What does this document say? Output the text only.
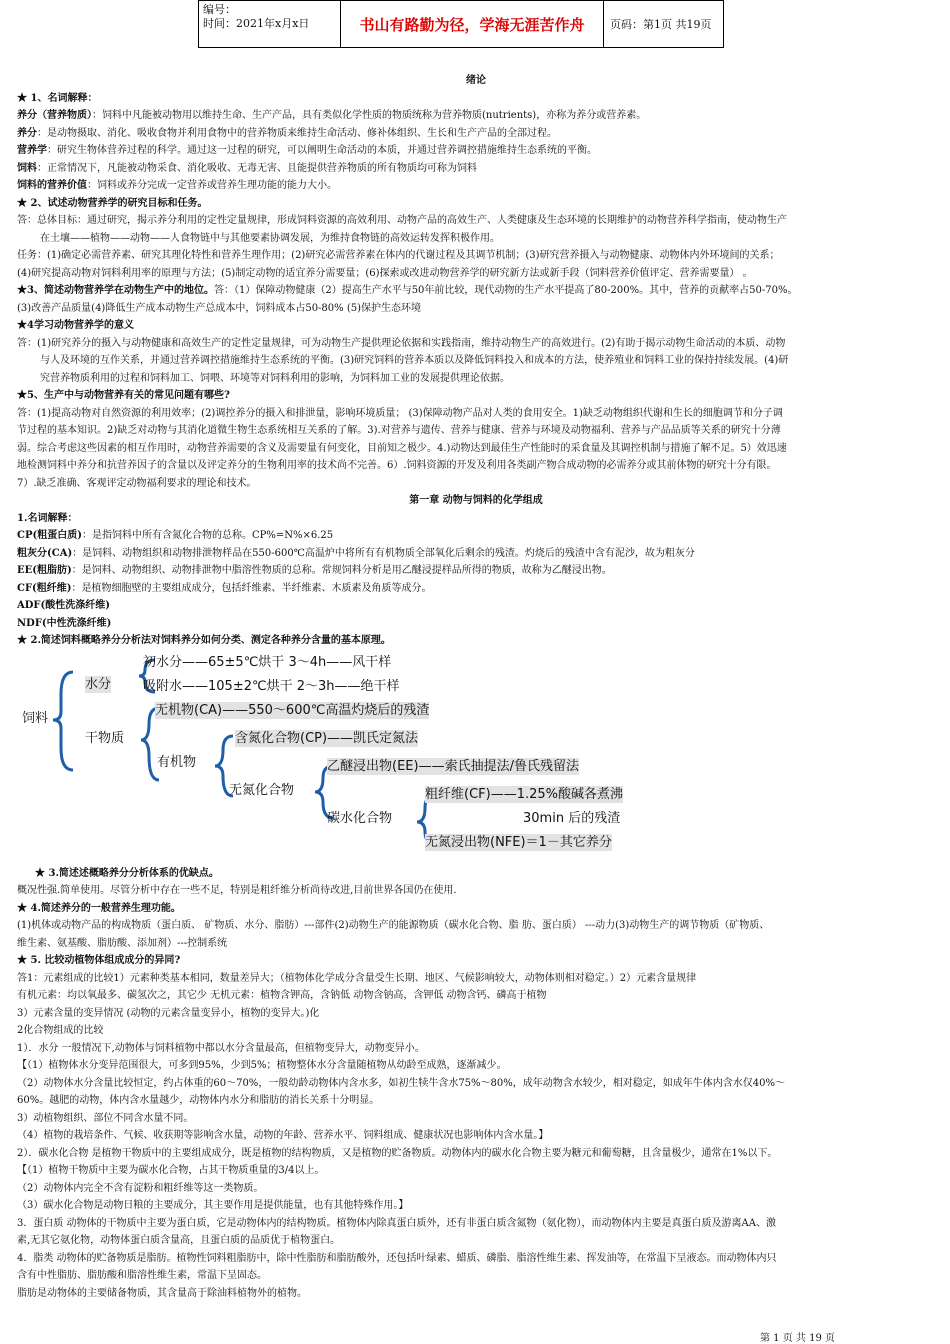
编号：
时间：2021年x月x日	书山有路勤为径，学海无涯苦作舟	页码：第1页 共19页

绪论

★ 1、名词解释：

养分（营养物质）：饲料中凡能被动物用以维持生命、生产产品，具有类似化学性质的物质统称为营养物质(nutrients)，亦称为养分或营养素。

养分：是动物摄取、消化、吸收食物并利用食物中的营养物质来维持生命活动、修补体组织、生长和生产产品的全部过程。

营养学：研究生物体营养过程的科学。通过这一过程的研究，可以阐明生命活动的本质，并通过营养调控措施维持生态系统的平衡。

饲料：正常情况下，凡能被动物采食、消化吸收、无毒无害、且能提供营养物质的所有物质均可称为饲料

饲料的营养价值：饲料或养分完成一定营养或营养生理功能的能力大小。

★ 2、试述动物营养学的研究目标和任务。

答：总体目标：通过研究，揭示养分利用的定性定量规律，形成饲料资源的高效利用、动物产品的高效生产、人类健康及生态环境的长期维护的动物营养科学指南，使动物生产

在土壤——植物——动物——人食物链中与其他要素协调发展，为维持食物链的高效运转发挥积极作用。

任务：(1)确定必需营养素、研究其理化特性和营养生理作用；(2)研究必需营养素在体内的代谢过程及其调节机制；(3)研究营养摄入与动物健康、动物体内外环境间的关系；

(4)研究提高动物对饲料利用率的原理与方法；(5)制定动物的适宜养分需要量；(6)探索或改进动物营养学的研究新方法或新手段（饲料营养价值评定、营养需要量） 。

★3、简述动物营养学在动物生产中的地位。答：（1）保障动物健康（2）提高生产水平与50年前比较，现代动物的生产水平提高了80-200%。其中，营养的贡献率占50-70%。

(3)改善产品质量(4)降低生产成本动物生产总成本中，饲料成本占50-80% (5)保护生态环境

★4学习动物营养学的意义

答：(1)研究养分的摄入与动物健康和高效生产的定性定量规律，可为动物生产提供理论依据和实践指南，维持动物生产的高效进行。(2)有助于揭示动物生命活动的本质、动物

与人及环境的互作关系，并通过营养调控措施维持生态系统的平衡。(3)研究饲料的营养本质以及降低饲料投入和成本的方法，使养殖业和饲料工业的保持持续发展。(4)研

究营养物质利用的过程和饲料加工、饲喂、环境等对饲料利用的影响，为饲料加工业的发展提供理论依据。

★5、生产中与动物营养有关的常见问题有哪些?

答：(1)提高动物对自然资源的利用效率；(2)调控养分的摄入和排泄量，影响环境质量； (3)保障动物产品对人类的食用安全。1)缺乏动物组织代谢和生长的细胞调节和分子调

节过程的基本知识。2)缺乏对动物与其消化道微生物生态系统相互关系的了解。3).对营养与遗传、营养与健康、营养与环境及动物福利、营养与产品品质等关系的研究十分薄

弱。综合考虑这些因素的相互作用时，动物营养需要的含义及需要量有何变化，目前知之极少。4.)动物达到最佳生产性能时的采食量及其调控机制与措施了解不足。5）效迅速

地检测饲料中养分和抗营养因子的含量以及评定养分的生物利用率的技术尚不完善。6）.饲料资源的开发及利用各类副产物合成动物的必需养分或其前体物的研究十分有限。

7）.缺乏准确、客观评定动物福利要求的理论和技术。

第一章 动物与饲料的化学组成

1.名词解释：

CP(粗蛋白质)：是指饲料中所有含氮化合物的总称。CP%=N%×6.25

粗灰分(CA)：是饲料、动物组织和动物排泄物样品在550-600℃高温炉中将所有有机物质全部氧化后剩余的残渣。灼烧后的残渣中含有泥沙，故为粗灰分

EE(粗脂肪)：是饲料、动物组织、动物排泄物中脂溶性物质的总称。常规饲料分析是用乙醚浸提样品所得的物质，故称为乙醚浸出物。

CF(粗纤维)：是植物细胞壁的主要组成成分，包括纤维素、半纤维素、木质素及角质等成分。

ADF(酸性洗涤纤维)

NDF(中性洗涤纤维)

★ 2.简述饲料概略养分分析法对饲料养分如何分类、测定各种养分含量的基本原理。

饲料
水分
初水分——65±5℃烘干 3～4h——风干样
吸附水——105±2℃烘干 2～3h——绝干样
干物质
无机物(CA)——550～600℃高温灼烧后的残渣
有机物
含氮化合物(CP)——凯氏定氮法
无氮化合物
乙醚浸出物(EE)——索氏抽提法/鲁氏残留法
碳水化合物
粗纤维(CF)——1.25%酸碱各煮沸
30min 后的残渣
无氮浸出物(NFE)＝1－其它养分

★ 3.简述述概略养分分析体系的优缺点。

概况性强.简单使用。尽管分析中存在一些不足，特别是粗纤维分析尚待改进,目前世界各国仍在使用.

★ 4.简述养分的一般营养生理功能。

(1)机体或动物产品的构成物质（蛋白质、 矿物质、水分、脂肪）---部件(2)动物生产的能源物质（碳水化合物、脂 肪、蛋白质） ---动力(3)动物生产的调节物质（矿物质、

维生素、氨基酸、脂肪酸、添加剂）---控制系统

★ 5. 比较动植物体组成成分的异同?

答1：元素组成的比较1）元素种类基本相同，数量差异大；（植物体化学成分含量受生长期、地区、气候影响较大，动物体则相对稳定。）2）元素含量规律

有机元素：均以氧最多、碳氢次之，其它少 无机元素：植物含钾高，含钠低 动物含钠高，含钾低 动物含钙、磷高于植物

3）元素含量的变异情况 (动物的元素含量变异小，植物的变异大。)化

2化合物组成的比较

1）．水分 一般情况下,动物体与饲料植物中都以水分含量最高，但植物变异大，动物变异小。

【（1）植物体水分变异范围很大，可多到95%，少到5%；植物整体水分含量随植物从幼龄至成熟，逐渐减少。

（2）动物体水分含量比较恒定，约占体重的60～70%，一般幼龄动物体内含水多，如初生犊牛含水75%～80%，成年动物含水较少，相对稳定，如成年牛体内含水仅40%～

60%。越肥的动物，体内含水量越少，动物体内水分和脂肪的消长关系十分明显。

3）动植物组织、部位不同含水量不同。

（4）植物的栽培条件、气候、收获期等影响含水量，动物的年龄、营养水平、饲料组成、健康状况也影响体内含水量。】

2）．碳水化合物 是植物干物质中的主要组成成分，既是植物的结构物质，又是植物的贮备物质。动物体内的碳水化合物主要为糖元和葡萄糖，且含量极少，通常在1%以下。

【（1）植物干物质中主要为碳水化合物，占其干物质重量的3/4以上。

（2）动物体内完全不含有淀粉和粗纤维等这一类物质。

（3）碳水化合物是动物日粮的主要成分，其主要作用是提供能量，也有其他特殊作用。】

3．蛋白质 动物体的干物质中主要为蛋白质，它是动物体内的结构物质。植物体内除真蛋白质外，还有非蛋白质含氮物（氨化物），而动物体内主要是真蛋白质及游离AA、激

素,无其它氨化物，动物体蛋白质含量高，且蛋白质的品质优于植物蛋白。

4．脂类 动物体的贮备物质是脂肪。植物性饲料粗脂肪中，除中性脂肪和脂肪酸外，还包括叶绿素、蜡质、磷脂、脂溶性维生素、挥发油等，在常温下呈液态。而动物体内只

含有中性脂肪、脂肪酸和脂溶性维生素，常温下呈固态。

脂肪是动物体的主要储备物质，其含量高于除油料植物外的植物。

第 1 页 共 19 页
